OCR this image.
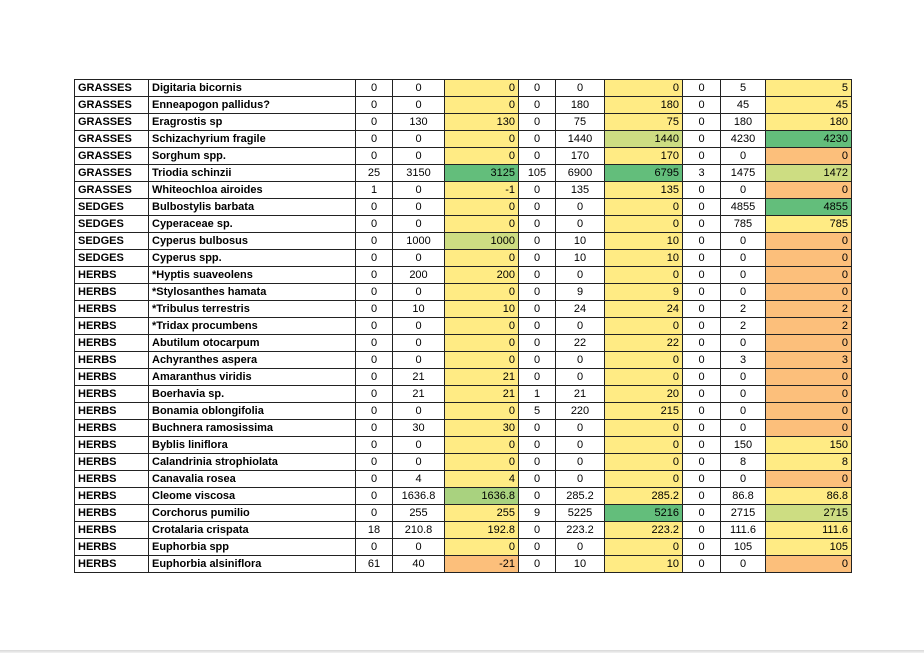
GRASSES	Digitaria bicornis	0	0	0	0	0	0	0	5	5
GRASSES	Enneapogon pallidus?	0	0	0	0	180	180	0	45	45
GRASSES	Eragrostis sp	0	130	130	0	75	75	0	180	180
GRASSES	Schizachyrium fragile	0	0	0	0	1440	1440	0	4230	4230
GRASSES	Sorghum spp.	0	0	0	0	170	170	0	0	0
GRASSES	Triodia schinzii	25	3150	3125	105	6900	6795	3	1475	1472
GRASSES	Whiteochloa airoides	1	0	-1	0	135	135	0	0	0
SEDGES	Bulbostylis barbata	0	0	0	0	0	0	0	4855	4855
SEDGES	Cyperaceae sp.	0	0	0	0	0	0	0	785	785
SEDGES	Cyperus bulbosus	0	1000	1000	0	10	10	0	0	0
SEDGES	Cyperus spp.	0	0	0	0	10	10	0	0	0
HERBS	*Hyptis suaveolens	0	200	200	0	0	0	0	0	0
HERBS	*Stylosanthes hamata	0	0	0	0	9	9	0	0	0
HERBS	*Tribulus terrestris	0	10	10	0	24	24	0	2	2
HERBS	*Tridax procumbens	0	0	0	0	0	0	0	2	2
HERBS	Abutilum otocarpum	0	0	0	0	22	22	0	0	0
HERBS	Achyranthes aspera	0	0	0	0	0	0	0	3	3
HERBS	Amaranthus viridis	0	21	21	0	0	0	0	0	0
HERBS	Boerhavia sp.	0	21	21	1	21	20	0	0	0
HERBS	Bonamia oblongifolia	0	0	0	5	220	215	0	0	0
HERBS	Buchnera ramosissima	0	30	30	0	0	0	0	0	0
HERBS	Byblis liniflora	0	0	0	0	0	0	0	150	150
HERBS	Calandrinia strophiolata	0	0	0	0	0	0	0	8	8
HERBS	Canavalia rosea	0	4	4	0	0	0	0	0	0
HERBS	Cleome viscosa	0	1636.8	1636.8	0	285.2	285.2	0	86.8	86.8
HERBS	Corchorus pumilio	0	255	255	9	5225	5216	0	2715	2715
HERBS	Crotalaria crispata	18	210.8	192.8	0	223.2	223.2	0	111.6	111.6
HERBS	Euphorbia spp	0	0	0	0	0	0	0	105	105
HERBS	Euphorbia alsiniflora	61	40	-21	0	10	10	0	0	0
